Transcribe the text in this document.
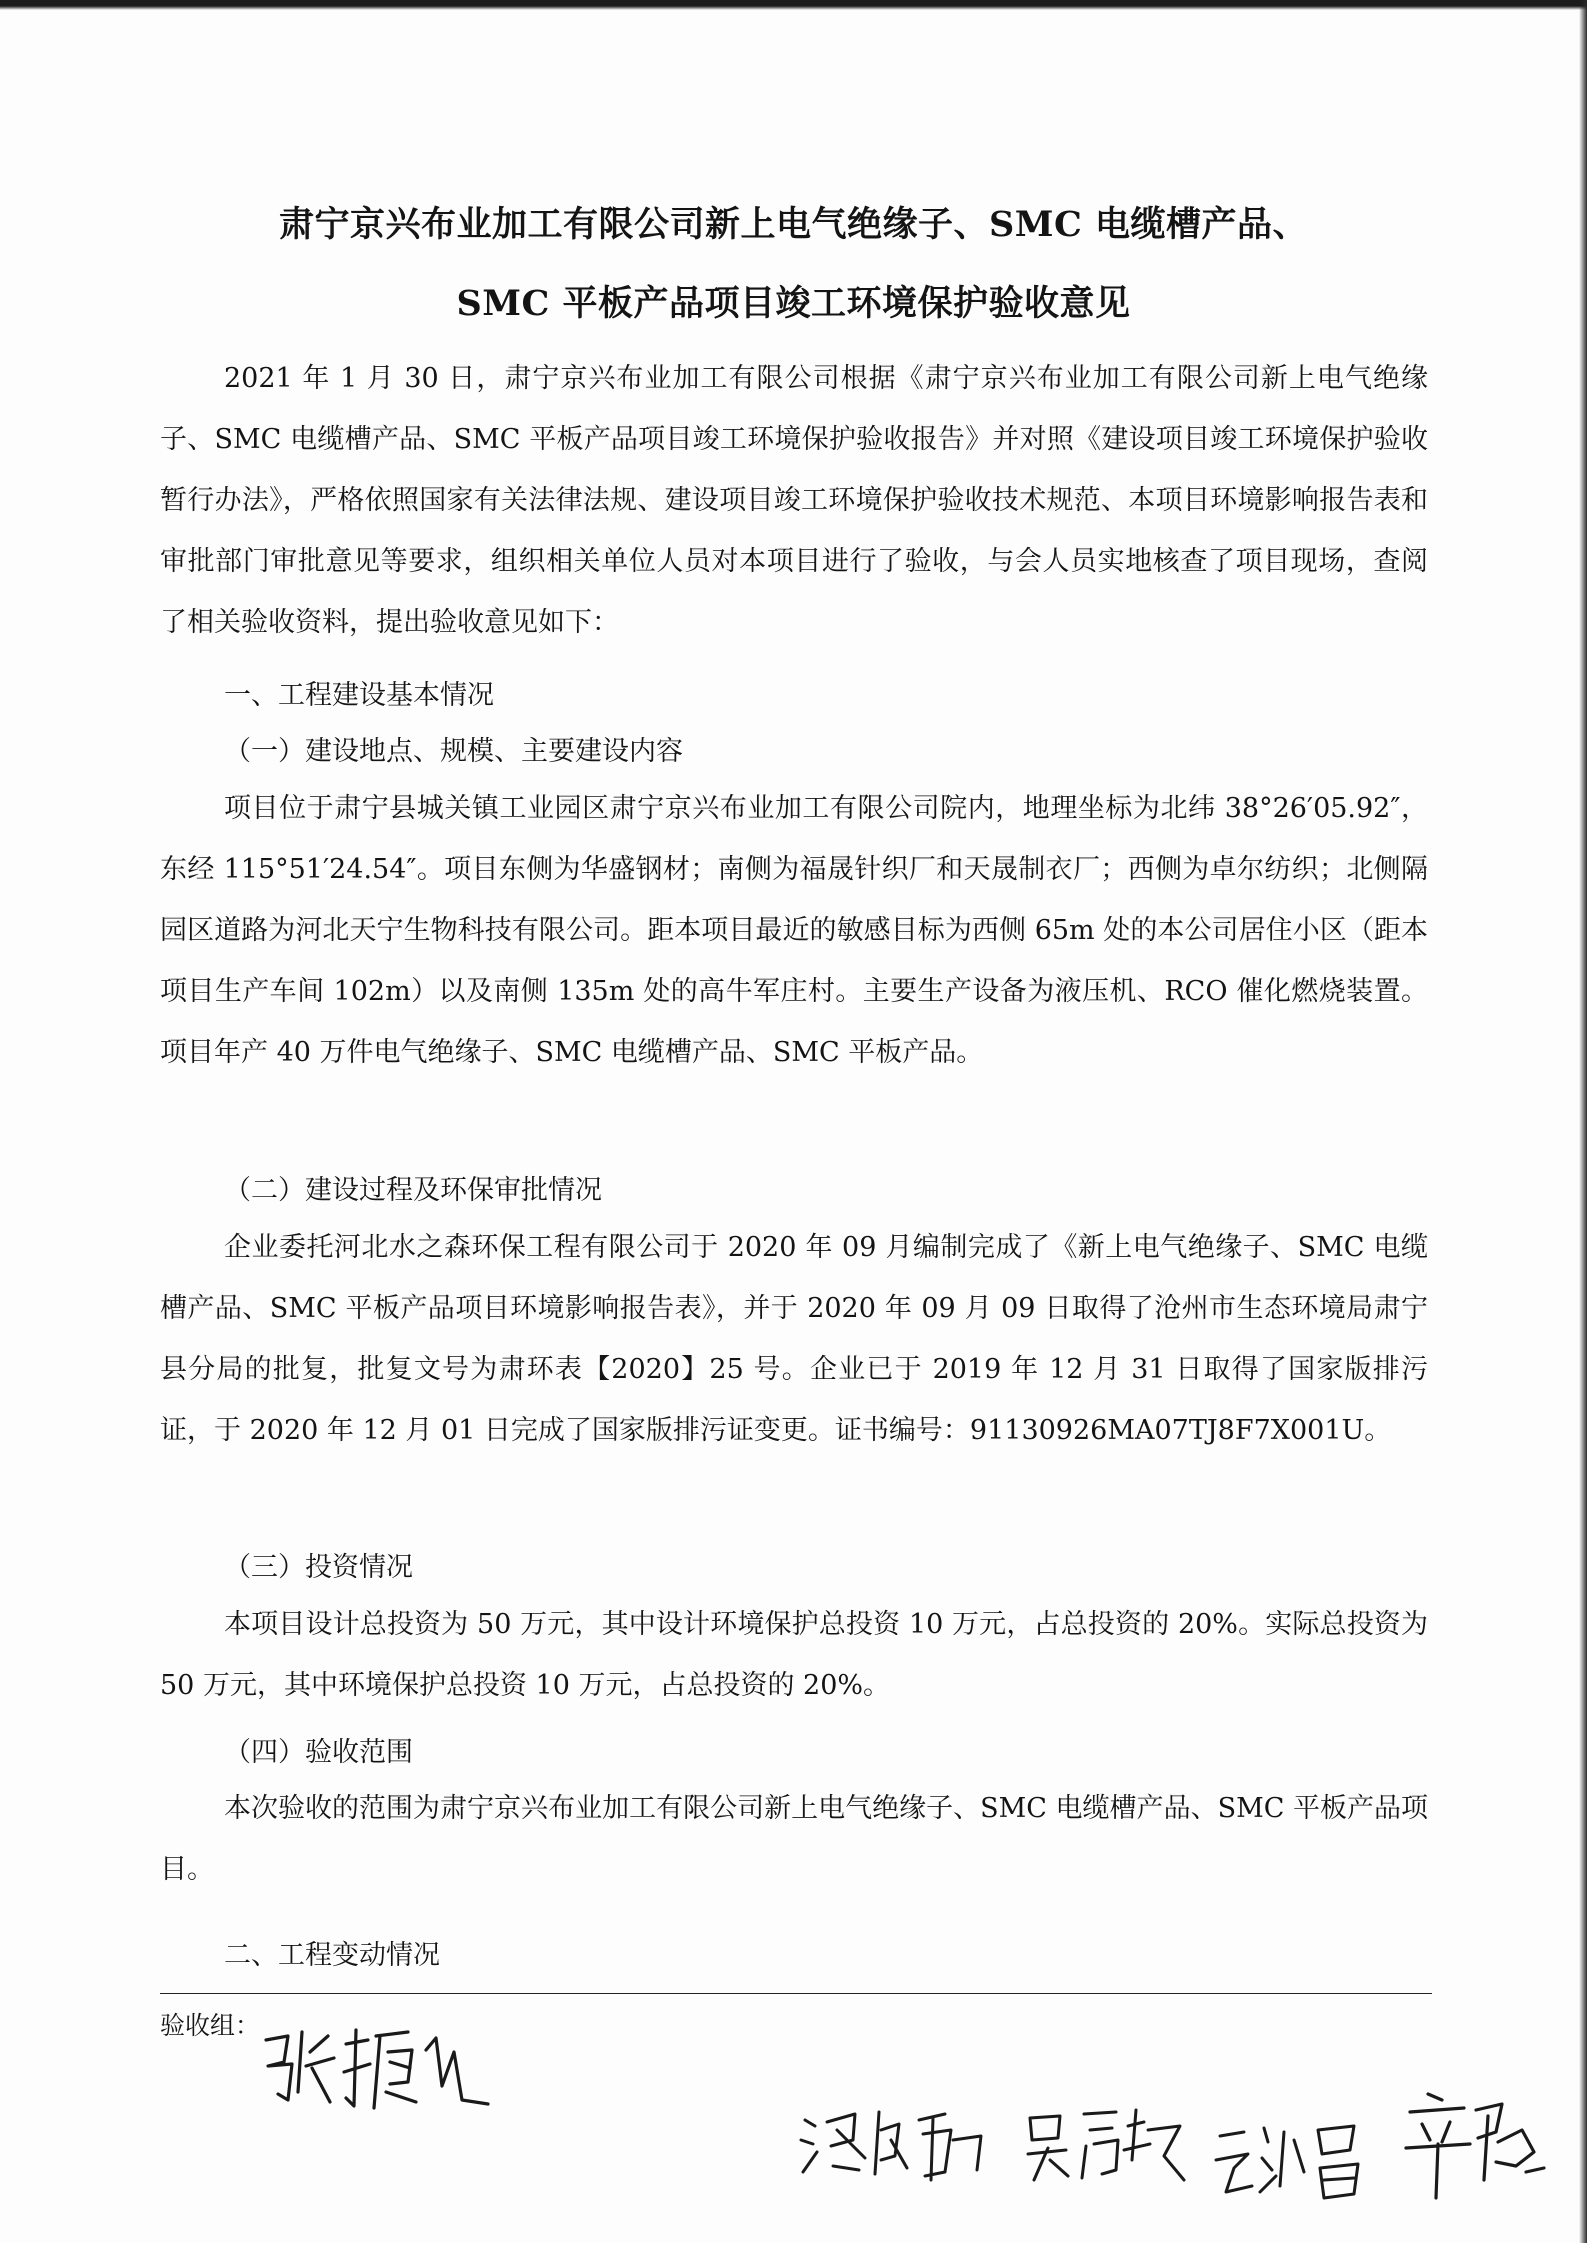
肃宁京兴布业加工有限公司新上电气绝缘子、SMC 电缆槽产品、
SMC 平板产品项目竣工环境保护验收意见
2021 年 1 月 30 日，肃宁京兴布业加工有限公司根据《肃宁京兴布业加工有限公司新上电气绝缘子、SMC 电缆槽产品、SMC 平板产品项目竣工环境保护验收报告》并对照《建设项目竣工环境保护验收暂行办法》，严格依照国家有关法律法规、建设项目竣工环境保护验收技术规范、本项目环境影响报告表和审批部门审批意见等要求，组织相关单位人员对本项目进行了验收，与会人员实地核查了项目现场，查阅了相关验收资料，提出验收意见如下：
一、工程建设基本情况
（一）建设地点、规模、主要建设内容
项目位于肃宁县城关镇工业园区肃宁京兴布业加工有限公司院内，地理坐标为北纬 38°26′05.92″，东经 115°51′24.54″。项目东侧为华盛钢材；南侧为福晟针织厂和天晟制衣厂；西侧为卓尔纺织；北侧隔园区道路为河北天宁生物科技有限公司。距本项目最近的敏感目标为西侧 65m 处的本公司居住小区（距本项目生产车间 102m）以及南侧 135m 处的高牛军庄村。主要生产设备为液压机、RCO 催化燃烧装置。项目年产 40 万件电气绝缘子、SMC 电缆槽产品、SMC 平板产品。
（二）建设过程及环保审批情况
企业委托河北水之森环保工程有限公司于 2020 年 09 月编制完成了《新上电气绝缘子、SMC 电缆槽产品、SMC 平板产品项目环境影响报告表》，并于 2020 年 09 月 09 日取得了沧州市生态环境局肃宁县分局的批复，批复文号为肃环表【2020】25 号。企业已于 2019 年 12 月 31 日取得了国家版排污证，于 2020 年 12 月 01 日完成了国家版排污证变更。证书编号：91130926MA07TJ8F7X001U。
（三）投资情况
本项目设计总投资为 50 万元，其中设计环境保护总投资 10 万元，占总投资的 20%。实际总投资为 50 万元，其中环境保护总投资 10 万元，占总投资的 20%。
（四）验收范围
本次验收的范围为肃宁京兴布业加工有限公司新上电气绝缘子、SMC 电缆槽产品、SMC 平板产品项目。
二、工程变动情况
验收组：
